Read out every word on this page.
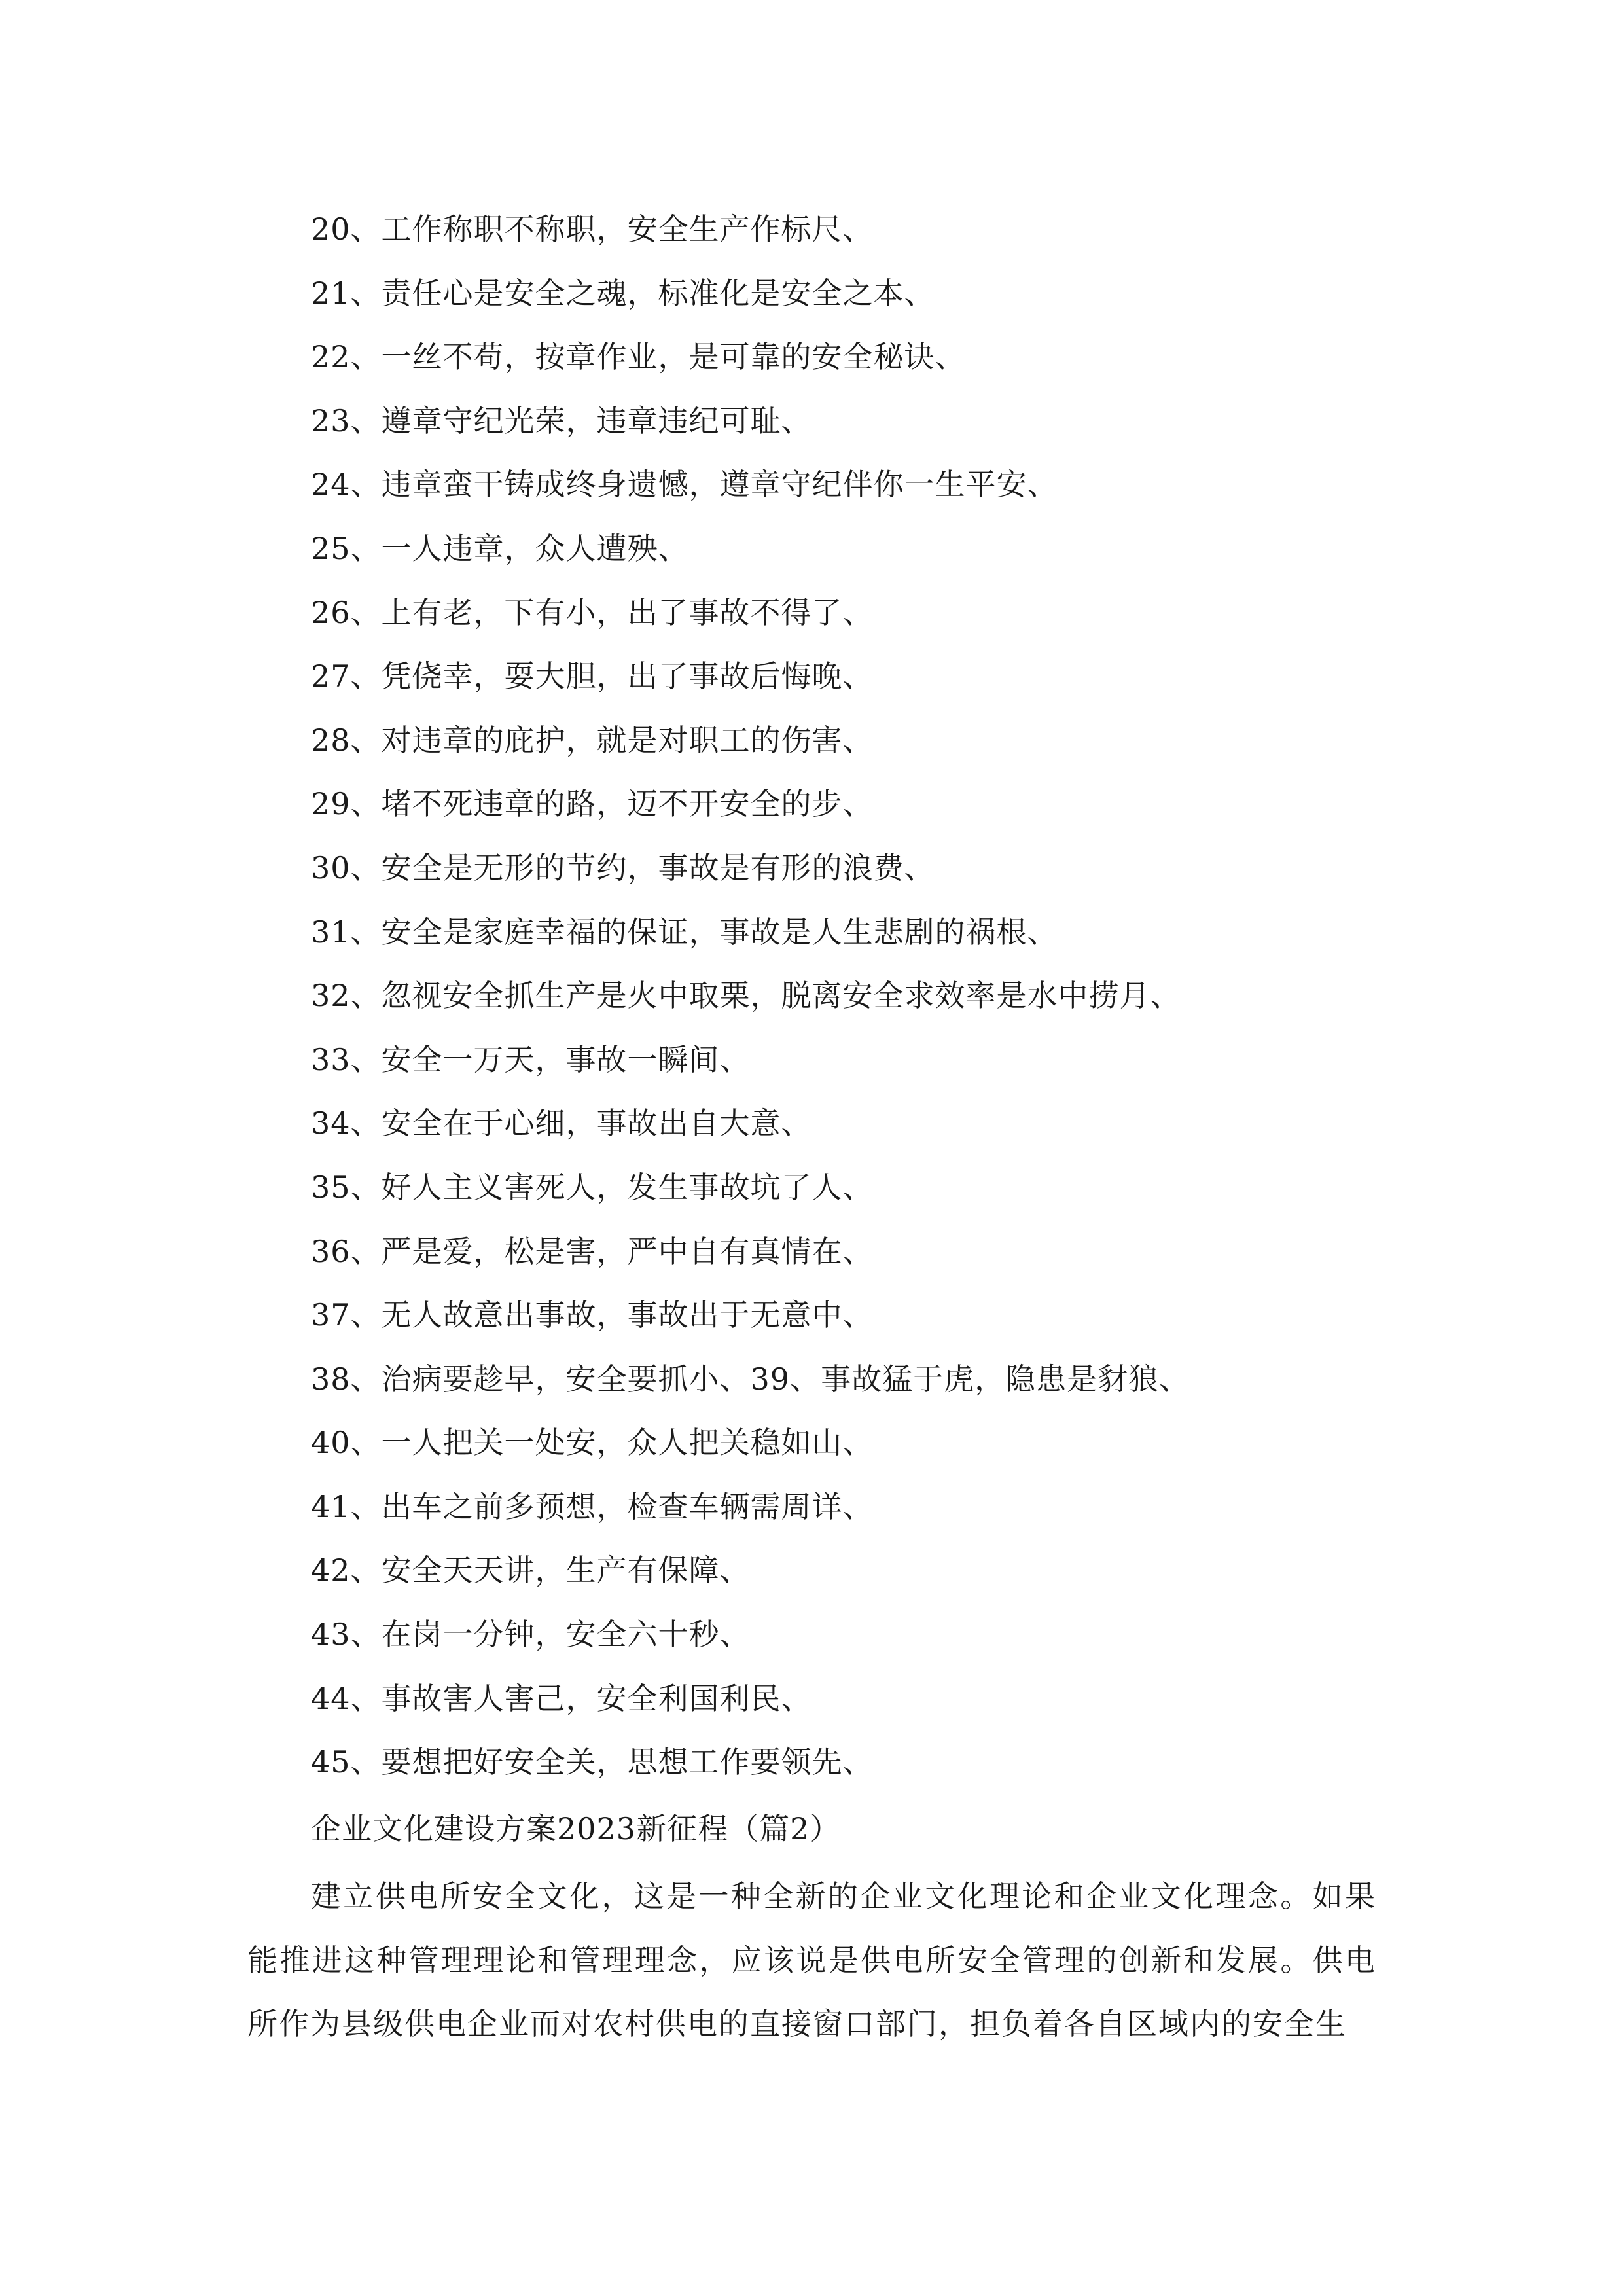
20、工作称职不称职，安全生产作标尺、
21、责任心是安全之魂，标准化是安全之本、
22、一丝不苟，按章作业，是可靠的安全秘诀、
23、遵章守纪光荣，违章违纪可耻、
24、违章蛮干铸成终身遗憾，遵章守纪伴你一生平安、
25、一人违章，众人遭殃、
26、上有老，下有小，出了事故不得了、
27、凭侥幸，耍大胆，出了事故后悔晚、
28、对违章的庇护，就是对职工的伤害、
29、堵不死违章的路，迈不开安全的步、
30、安全是无形的节约，事故是有形的浪费、
31、安全是家庭幸福的保证，事故是人生悲剧的祸根、
32、忽视安全抓生产是火中取栗，脱离安全求效率是水中捞月、
33、安全一万天，事故一瞬间、
34、安全在于心细，事故出自大意、
35、好人主义害死人，发生事故坑了人、
36、严是爱，松是害，严中自有真情在、
37、无人故意出事故，事故出于无意中、
38、治病要趁早，安全要抓小、39、事故猛于虎，隐患是豺狼、
40、一人把关一处安，众人把关稳如山、
41、出车之前多预想，检查车辆需周详、
42、安全天天讲，生产有保障、
43、在岗一分钟，安全六十秒、
44、事故害人害己，安全利国利民、
45、要想把好安全关，思想工作要领先、
企业文化建设方案2023新征程（篇2）

建立供电所安全文化，这是一种全新的企业文化理论和企业文化理念。如果能推进这种管理理论和管理理念，应该说是供电所安全管理的创新和发展。供电所作为县级供电企业而对农村供电的直接窗口部门，担负着各自区域内的安全生
